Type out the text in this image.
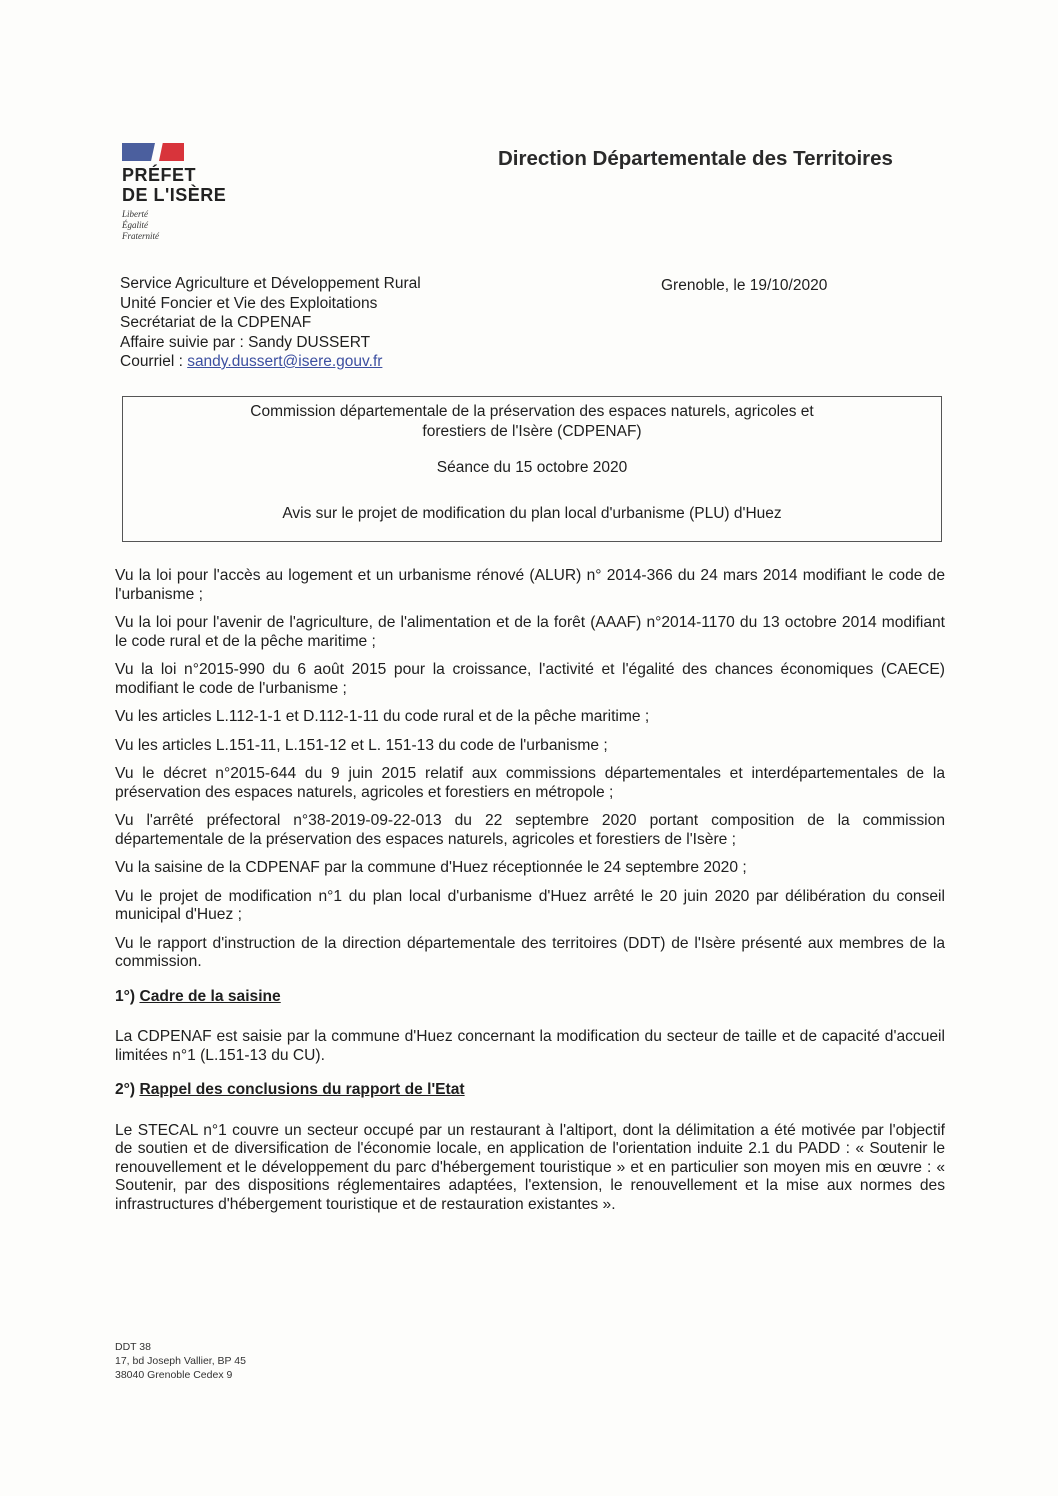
PRÉFET
DE L'ISÈRE
Liberté
Égalité
Fraternité
Direction Départementale des Territoires
Service Agriculture et Développement Rural
Unité Foncier et Vie des Exploitations
Secrétariat de la CDPENAF
Affaire suivie par : Sandy DUSSERT
Courriel : sandy.dussert@isere.gouv.fr
Grenoble, le 19/10/2020
Commission départementale de la préservation des espaces naturels, agricoles et forestiers de l'Isère (CDPENAF)
Séance du 15 octobre 2020
Avis sur le projet de modification du plan local d'urbanisme (PLU) d'Huez

Vu la loi pour l'accès au logement et un urbanisme rénové (ALUR) n° 2014-366 du 24 mars 2014 modifiant le code de l'urbanisme ;

Vu la loi pour l'avenir de l'agriculture, de l'alimentation et de la forêt (AAAF) n°2014-1170 du 13 octobre 2014 modifiant le code rural et de la pêche maritime ;

Vu la loi n°2015-990 du 6 août 2015 pour la croissance, l'activité et l'égalité des chances économiques (CAECE) modifiant le code de l'urbanisme ;

Vu les articles L.112-1-1 et D.112-1-11 du code rural et de la pêche maritime ;

Vu les articles L.151-11, L.151-12 et L. 151-13 du code de l'urbanisme ;

Vu le décret n°2015-644 du 9 juin 2015 relatif aux commissions départementales et interdépartementales de la préservation des espaces naturels, agricoles et forestiers en métropole ;

Vu l'arrêté préfectoral n°38-2019-09-22-013 du 22 septembre 2020 portant composition de la commission départementale de la préservation des espaces naturels, agricoles et forestiers de l'Isère ;

Vu la saisine de la CDPENAF par la commune d'Huez réceptionnée le 24 septembre 2020 ;

Vu le projet de modification n°1 du plan local d'urbanisme d'Huez arrêté le 20 juin 2020 par délibération du conseil municipal d'Huez ;

Vu le rapport d'instruction de la direction départementale des territoires (DDT) de l'Isère présenté aux membres de la commission.

1°) Cadre de la saisine

La CDPENAF est saisie par la commune d'Huez concernant la modification du secteur de taille et de capacité d'accueil limitées n°1 (L.151-13 du CU).

2°) Rappel des conclusions du rapport de l'Etat

Le STECAL n°1 couvre un secteur occupé par un restaurant à l'altiport, dont la délimitation a été motivée par l'objectif de soutien et de diversification de l'économie locale, en application de l'orientation induite 2.1 du PADD : « Soutenir le renouvellement et le développement du parc d'hébergement touristique » et en particulier son moyen mis en œuvre : « Soutenir, par des dispositions réglementaires adaptées, l'extension, le renouvellement et la mise aux normes des infrastructures d'hébergement touristique et de restauration existantes ».

DDT 38
17, bd Joseph Vallier, BP 45
38040 Grenoble Cedex 9
